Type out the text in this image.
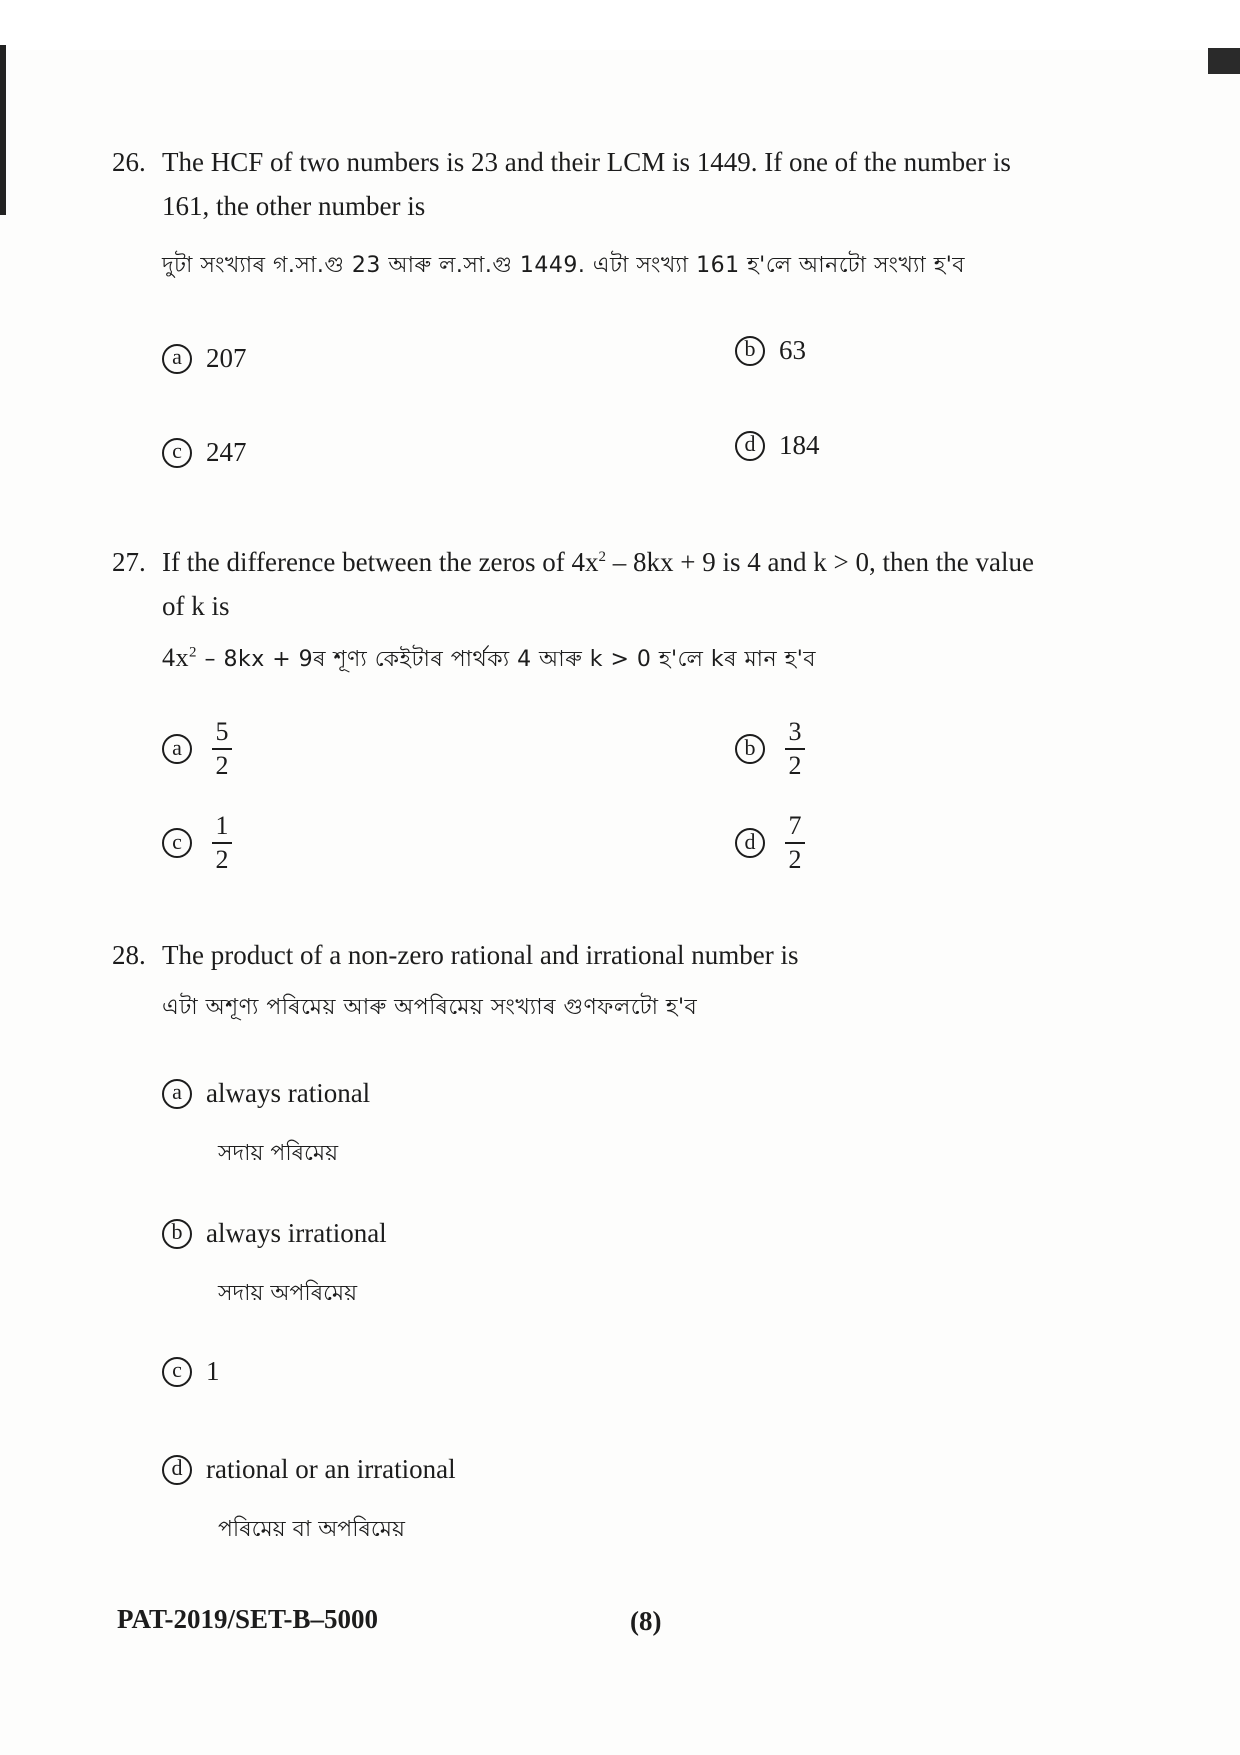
26. The HCF of two numbers is 23 and their LCM is 1449. If one of the number is
161, the other number is
দুটা সংখ্যাৰ গ.সা.গু 23 আৰু ল.সা.গু 1449. এটা সংখ্যা 161 হ'লে আনটো সংখ্যা হ'ব
a 207	b 63
c 247	d 184
27. If the difference between the zeros of $4x^2 - 8kx + 9$ is 4 and k > 0, then the value
of k is
$4x^2 - 8kx$ + 9ৰ শূণ্য কেইটাৰ পাৰ্থক্য 4 আৰু k > 0 হ'লে kৰ মান হ'ব
a	$\frac{5}{2}$	b	$\frac{3}{2}$
c	$\frac{1}{2}$	d	$\frac{7}{2}$
28. The product of a non-zero rational and irrational number is
এটা অশূণ্য পৰিমেয় আৰু অপৰিমেয় সংখ্যাৰ গুণফলটো হ'ব
a always rational
সদায় পৰিমেয়
b always irrational
সদায় অপৰিমেয়
c 1
d rational or an irrational
পৰিমেয় বা অপৰিমেয়
PAT-2019/SET-B–5000	(8)
